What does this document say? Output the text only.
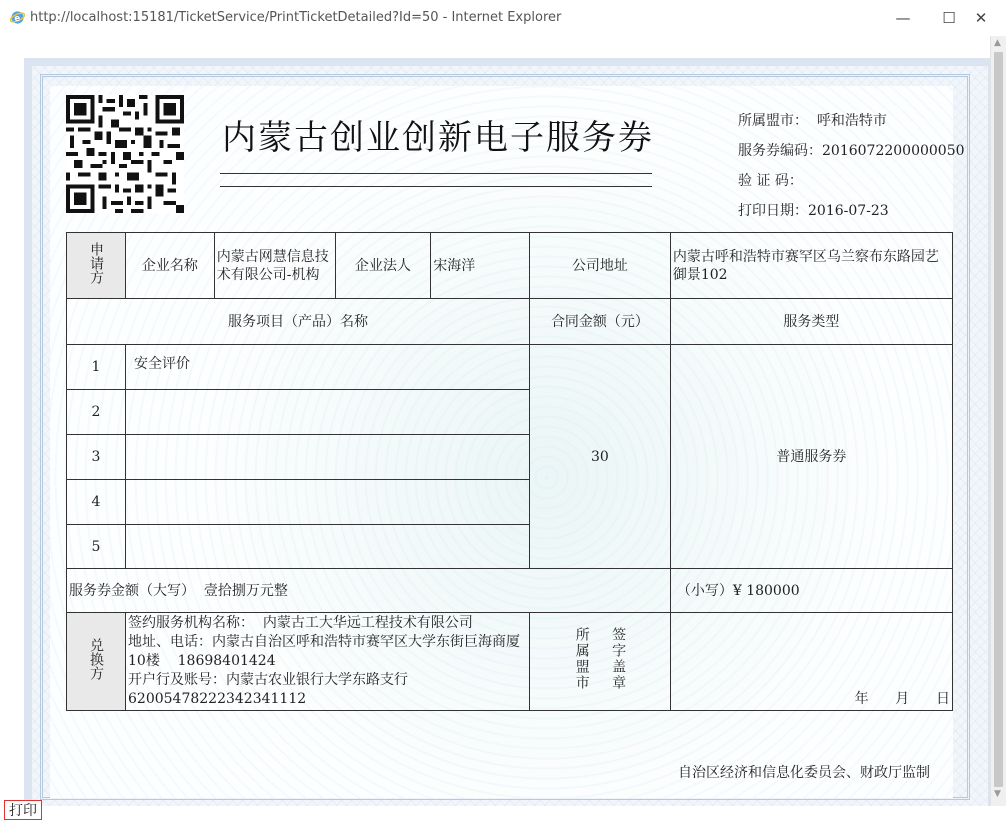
e http://localhost:15181/TicketService/PrintTicketDetailed?Id=50 - Internet Explorer	—	☐	✕
内蒙古创业创新电子服务券	所属盟市： 呼和浩特市
服务券编码：2016072200000050
验 证 码：
打印日期：2016-07-23
申请方	企业名称	内蒙古网慧信息技术有限公司-机构	企业法人	宋海洋	公司地址	内蒙古呼和浩特市赛罕区乌兰察布东路园艺御景102
服务项目（产品）名称					合同金额（元）	服务类型
1	安全评价				30	普通服务券
2						
3						
4						
5						
服务券金额（大写） 壹拾捌万元整						（小写）¥ 180000
兑换方	签约服务机构名称： 内蒙古工大华远工程技术有限公司
地址、电话：内蒙古自治区呼和浩特市赛罕区大学东街巨海商厦10楼 18698401424
开户行及账号：内蒙古农业银行大学东路支行
62005478222342341112				所属盟市 签字盖章	年 月 日
自治区经济和信息化委员会、财政厅监制
▲
▼
打印
